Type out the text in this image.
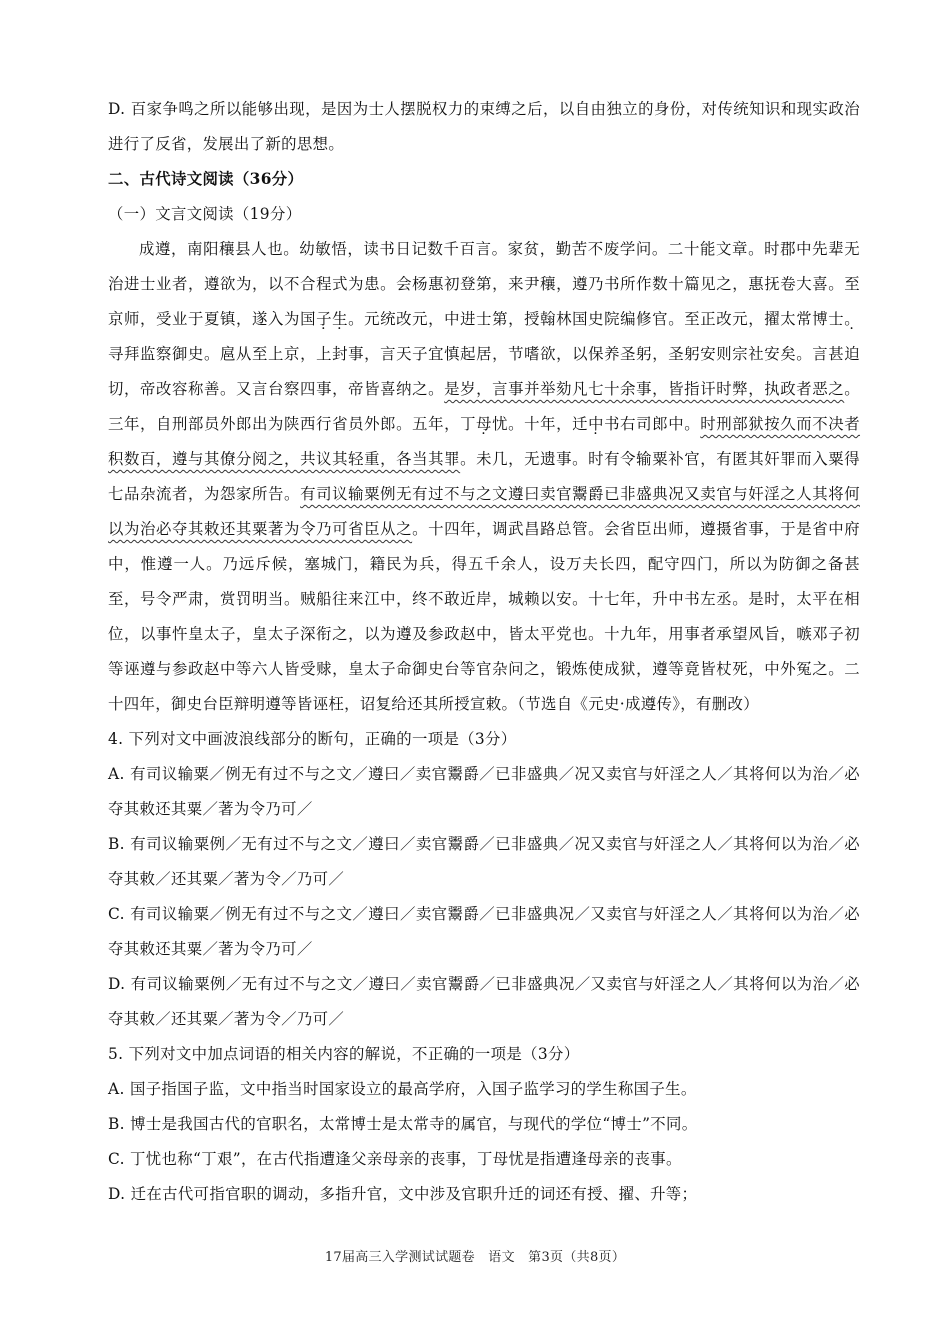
D. 百家争鸣之所以能够出现，是因为士人摆脱权力的束缚之后，以自由独立的身份，对传统知识和现实政治进行了反省，发展出了新的思想。

二、古代诗文阅读（36分）

（一）文言文阅读（19分）

成遵，南阳穰县人也。幼敏悟，读书日记数千百言。家贫，勤苦不废学问。二十能文章。时郡中先辈无治进士业者，遵欲为，以不合程式为患。会杨惠初登第，来尹穰，遵乃书所作数十篇见之，惠抚卷大喜。至京师，受业于夏镇，遂入为国子生。元统改元，中进士第，授翰林国史院编修官。至正改元，擢太常博士。寻拜监察御史。扈从至上京，上封事，言天子宜慎起居，节嗜欲，以保养圣躬，圣躬安则宗社安矣。言甚迫切，帝改容称善。又言台察四事，帝皆喜纳之。是岁，言事并举劾凡七十余事，皆指讦时弊，执政者恶之。三年，自刑部员外郎出为陕西行省员外郎。五年，丁母忧。十年，迁中书右司郎中。时刑部狱按久而不决者积数百，遵与其僚分阅之，共议其轻重，各当其罪。未几，无遗事。时有令输粟补官，有匿其奸罪而入粟得七品杂流者，为怨家所告。有司议输粟例无有过不与之文遵曰卖官鬻爵已非盛典况又卖官与奸淫之人其将何以为治必夺其敕还其粟著为令乃可省臣从之。十四年，调武昌路总管。会省臣出师，遵摄省事，于是省中府中，惟遵一人。乃远斥候，塞城门，籍民为兵，得五千余人，设万夫长四，配守四门，所以为防御之备甚至，号令严肃，赏罚明当。贼船往来江中，终不敢近岸，城赖以安。十七年，升中书左丞。是时，太平在相位，以事忤皇太子，皇太子深衔之，以为遵及参政赵中，皆太平党也。十九年，用事者承望风旨，嗾邓子初等诬遵与参政赵中等六人皆受赇，皇太子命御史台等官杂问之，锻炼使成狱，遵等竟皆杖死，中外冤之。二十四年，御史台臣辩明遵等皆诬枉，诏复给还其所授宣敕。（节选自《元史·成遵传》，有删改）

4. 下列对文中画波浪线部分的断句，正确的一项是（3分）

A. 有司议输粟／例无有过不与之文／遵曰／卖官鬻爵／已非盛典／况又卖官与奸淫之人／其将何以为治／必夺其敕还其粟／著为令乃可／

B. 有司议输粟例／无有过不与之文／遵曰／卖官鬻爵／已非盛典／况又卖官与奸淫之人／其将何以为治／必夺其敕／还其粟／著为令／乃可／

C. 有司议输粟／例无有过不与之文／遵曰／卖官鬻爵／已非盛典况／又卖官与奸淫之人／其将何以为治／必夺其敕还其粟／著为令乃可／

D. 有司议输粟例／无有过不与之文／遵曰／卖官鬻爵／已非盛典况／又卖官与奸淫之人／其将何以为治／必夺其敕／还其粟／著为令／乃可／

5. 下列对文中加点词语的相关内容的解说，不正确的一项是（3分）

A. 国子指国子监，文中指当时国家设立的最高学府，入国子监学习的学生称国子生。

B. 博士是我国古代的官职名，太常博士是太常寺的属官，与现代的学位“博士”不同。

C. 丁忧也称“丁艰”，在古代指遭逢父亲母亲的丧事，丁母忧是指遭逢母亲的丧事。

D. 迁在古代可指官职的调动，多指升官，文中涉及官职升迁的词还有授、擢、升等；

17届高三入学测试试题卷　语文　第3页（共8页）
